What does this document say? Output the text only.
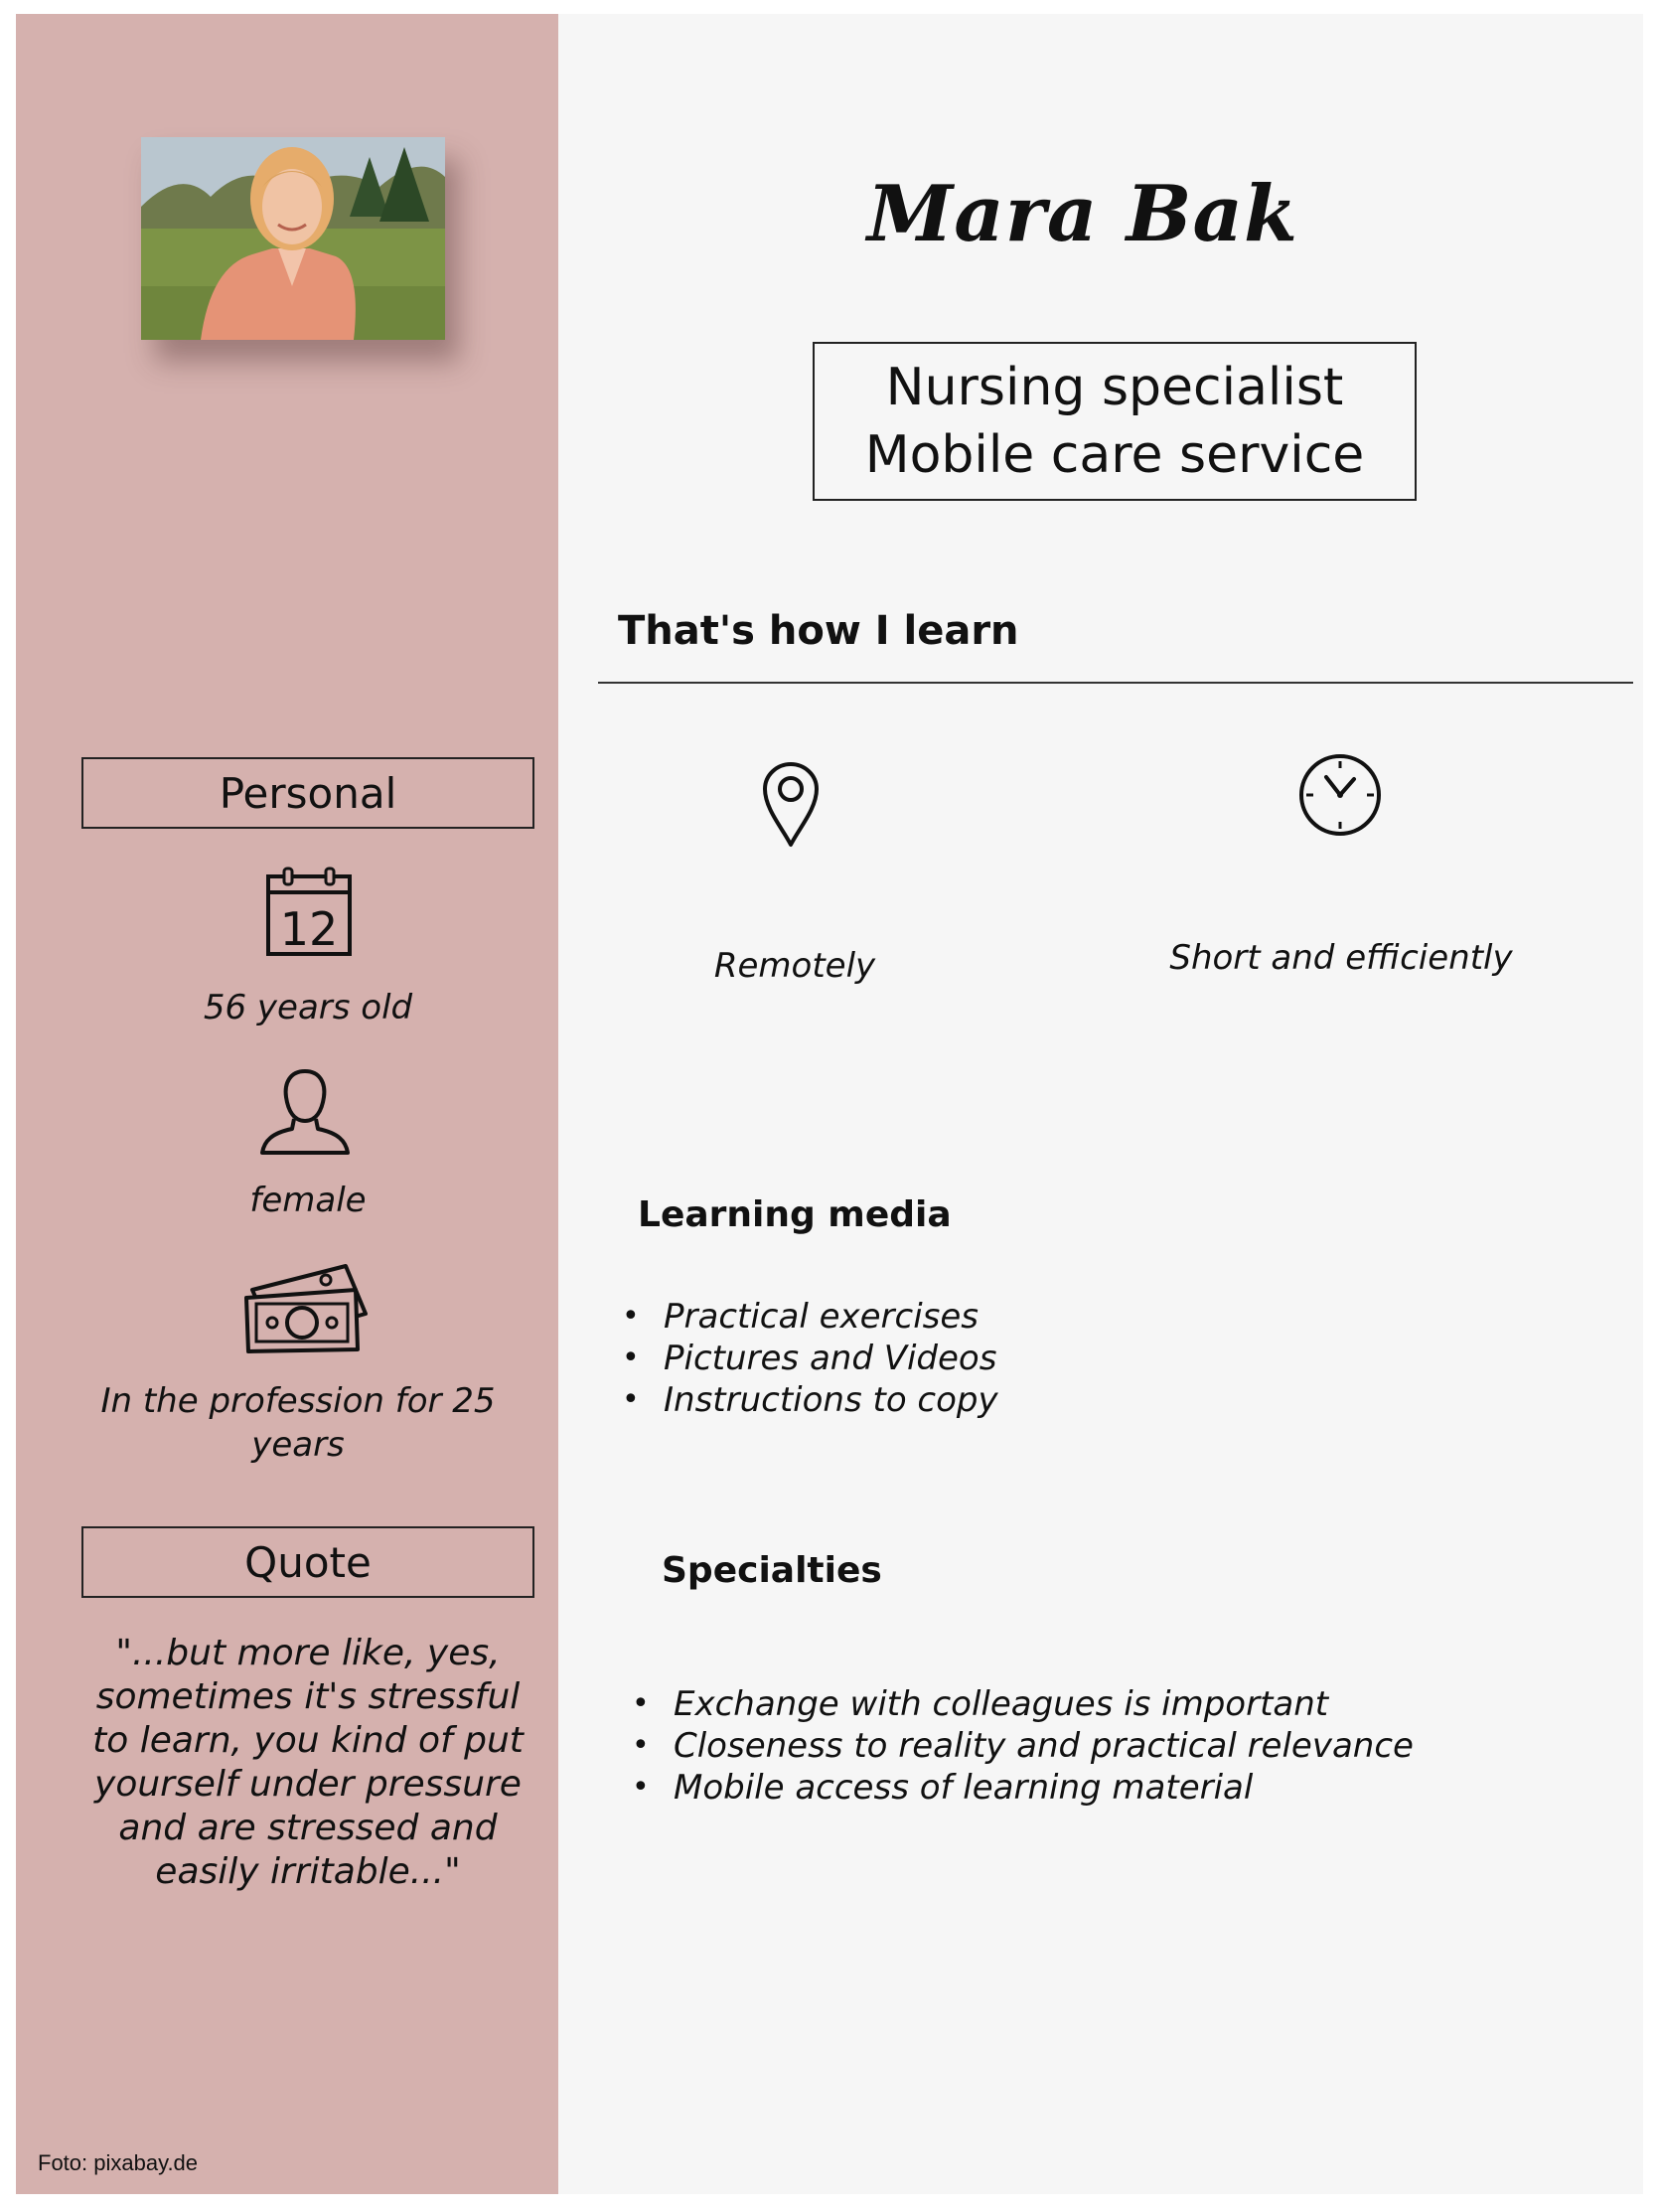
Personal
12
56 years old
female
In the profession for 25 years
Quote
"...but more like, yes, sometimes it's stressful to learn, you kind of put yourself under pressure and are stressed and easily irritable..."
Foto: pixabay.de
Mara Bak
Nursing specialist
Mobile care service
That's how I learn
Remotely	Short and efficiently
Learning media
• Practical exercises
• Pictures and Videos
• Instructions to copy
Specialties
• Exchange with colleagues is important
• Closeness to reality and practical relevance
• Mobile access of learning material
